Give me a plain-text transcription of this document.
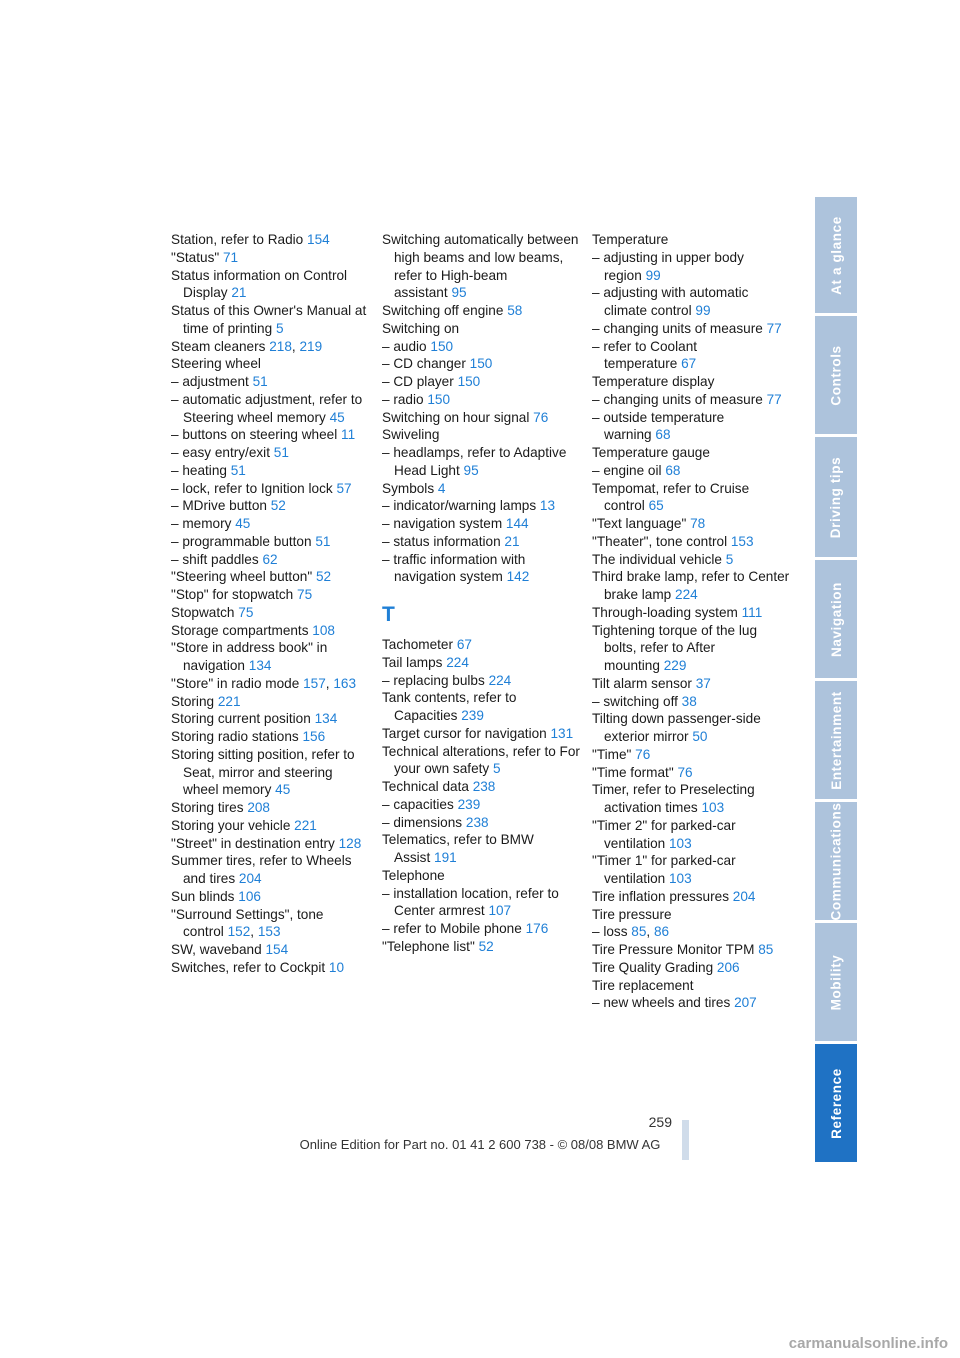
Station, refer to Radio 154
"Status" 71
Status information on Control Display 21
Status of this Owner's Manual at time of printing 5
Steam cleaners 218, 219
Steering wheel
– adjustment 51
– automatic adjustment, refer to Steering wheel memory 45
– buttons on steering wheel 11
– easy entry/exit 51
– heating 51
– lock, refer to Ignition lock 57
– MDrive button 52
– memory 45
– programmable button 51
– shift paddles 62
"Steering wheel button" 52
"Stop" for stopwatch 75
Stopwatch 75
Storage compartments 108
"Store in address book" in navigation 134
"Store" in radio mode 157, 163
Storing 221
Storing current position 134
Storing radio stations 156
Storing sitting position, refer to Seat, mirror and steering wheel memory 45
Storing tires 208
Storing your vehicle 221
"Street" in destination entry 128
Summer tires, refer to Wheels and tires 204
Sun blinds 106
"Surround Settings", tone control 152, 153
SW, waveband 154
Switches, refer to Cockpit 10
Switching automatically between high beams and low beams, refer to High-beam assistant 95
Switching off engine 58
Switching on
– audio 150
– CD changer 150
– CD player 150
– radio 150
Switching on hour signal 76
Swiveling
– headlamps, refer to Adaptive Head Light 95
Symbols 4
– indicator/warning lamps 13
– navigation system 144
– status information 21
– traffic information with navigation system 142
T
Tachometer 67
Tail lamps 224
– replacing bulbs 224
Tank contents, refer to Capacities 239
Target cursor for navigation 131
Technical alterations, refer to For your own safety 5
Technical data 238
– capacities 239
– dimensions 238
Telematics, refer to BMW Assist 191
Telephone
– installation location, refer to Center armrest 107
– refer to Mobile phone 176
"Telephone list" 52
Temperature
– adjusting in upper body region 99
– adjusting with automatic climate control 99
– changing units of measure 77
– refer to Coolant temperature 67
Temperature display
– changing units of measure 77
– outside temperature warning 68
Temperature gauge
– engine oil 68
Tempomat, refer to Cruise control 65
"Text language" 78
"Theater", tone control 153
The individual vehicle 5
Third brake lamp, refer to Center brake lamp 224
Through-loading system 111
Tightening torque of the lug bolts, refer to After mounting 229
Tilt alarm sensor 37
– switching off 38
Tilting down passenger-side exterior mirror 50
"Time" 76
"Time format" 76
Timer, refer to Preselecting activation times 103
"Timer 2" for parked-car ventilation 103
"Timer 1" for parked-car ventilation 103
Tire inflation pressures 204
Tire pressure
– loss 85, 86
Tire Pressure Monitor TPM 85
Tire Quality Grading 206
Tire replacement
– new wheels and tires 207
At a glance
Controls
Driving tips
Navigation
Entertainment
Communications
Mobility
Reference
259
Online Edition for Part no. 01 41 2 600 738 - © 08/08 BMW AG
carmanualsonline.info
